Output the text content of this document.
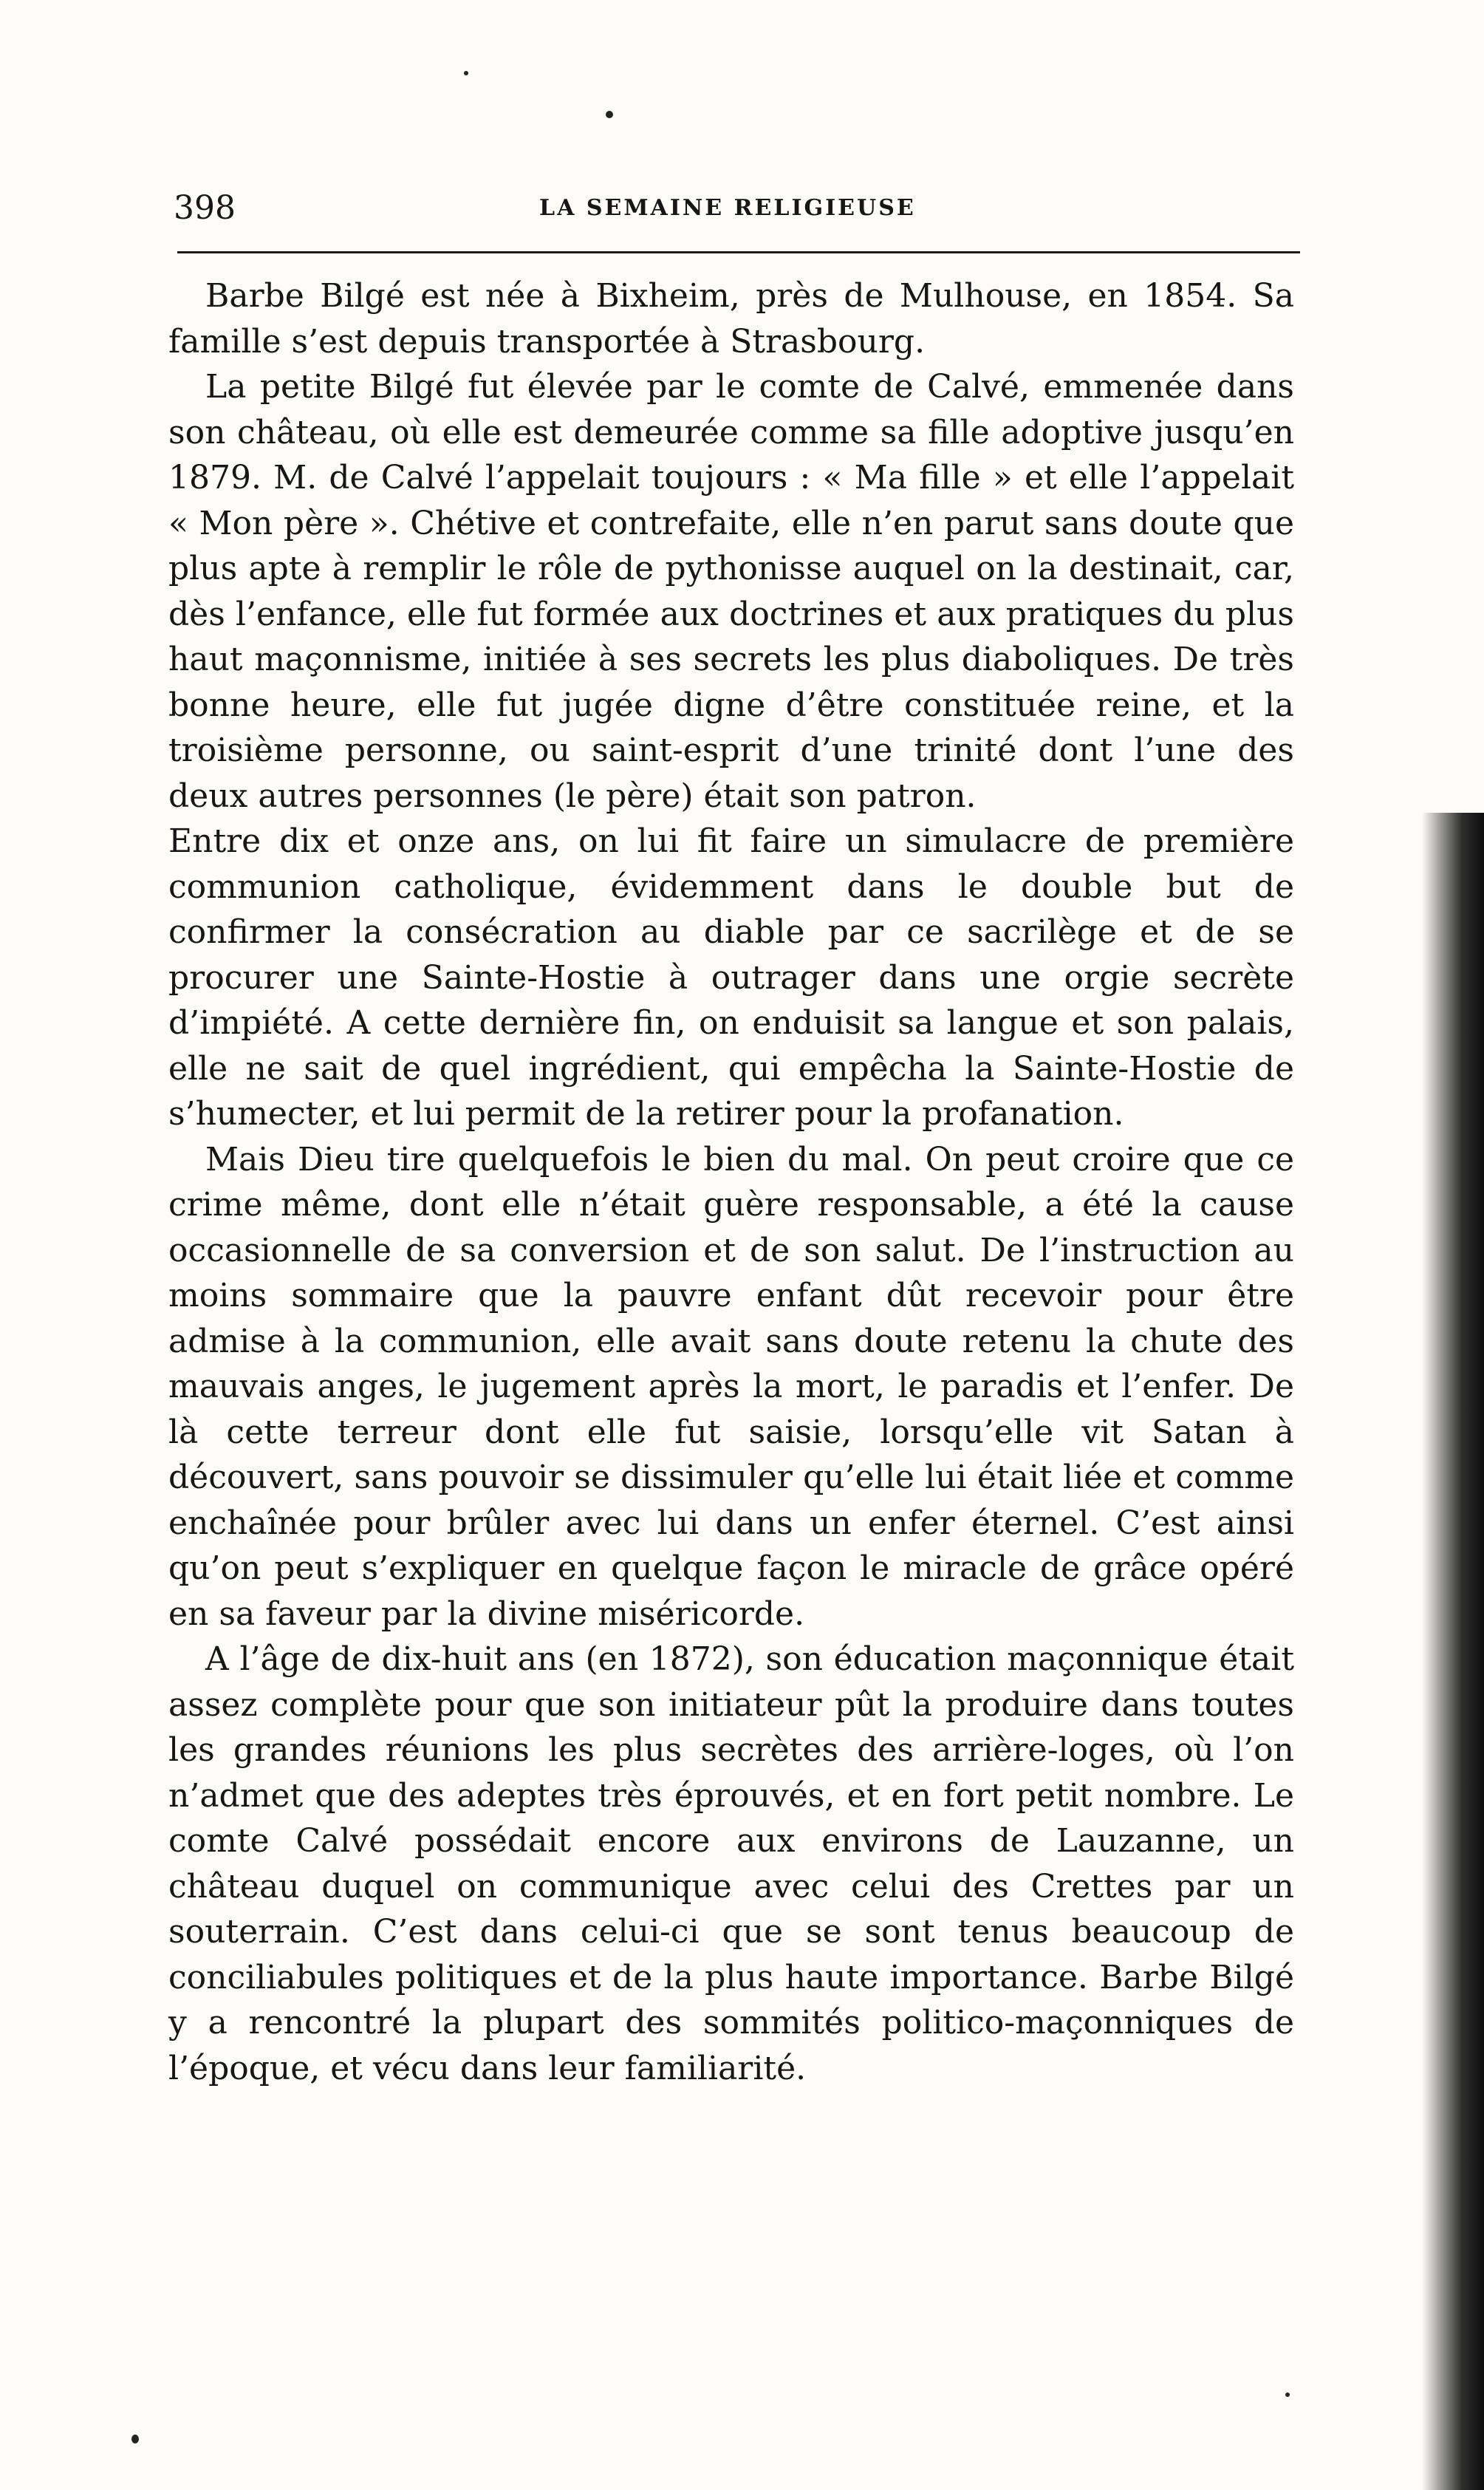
398	LA SEMAINE RELIGIEUSE

Barbe Bilgé est née à Bixheim, près de Mulhouse, en 1854. Sa famille s’est depuis transportée à Strasbourg.

La petite Bilgé fut élevée par le comte de Calvé, emmenée dans son château, où elle est demeurée comme sa fille adoptive jusqu’en 1879. M. de Calvé l’appelait toujours : « Ma fille » et elle l’appelait « Mon père ». Chétive et contrefaite, elle n’en parut sans doute que plus apte à remplir le rôle de pythonisse auquel on la destinait, car, dès l’enfance, elle fut formée aux doctrines et aux pratiques du plus haut maçonnisme, initiée à ses secrets les plus diaboliques. De très bonne heure, elle fut jugée digne d’être constituée reine, et la troisième personne, ou saint-esprit d’une trinité dont l’une des deux autres personnes (le père) était son patron.

Entre dix et onze ans, on lui fit faire un simulacre de première communion catholique, évidemment dans le double but de confirmer la consécration au diable par ce sacrilège et de se procurer une Sainte-Hostie à outrager dans une orgie secrète d’impiété. A cette dernière fin, on enduisit sa langue et son palais, elle ne sait de quel ingrédient, qui empêcha la Sainte-Hostie de s’humecter, et lui permit de la retirer pour la profanation.

Mais Dieu tire quelquefois le bien du mal. On peut croire que ce crime même, dont elle n’était guère responsable, a été la cause occasionnelle de sa conversion et de son salut. De l’instruction au moins sommaire que la pauvre enfant dût recevoir pour être admise à la communion, elle avait sans doute retenu la chute des mauvais anges, le jugement après la mort, le paradis et l’enfer. De là cette terreur dont elle fut saisie, lorsqu’elle vit Satan à découvert, sans pouvoir se dissimuler qu’elle lui était liée et comme enchaînée pour brûler avec lui dans un enfer éternel. C’est ainsi qu’on peut s’expliquer en quelque façon le miracle de grâce opéré en sa faveur par la divine miséricorde.

A l’âge de dix-huit ans (en 1872), son éducation maçonnique était assez complète pour que son initiateur pût la produire dans toutes les grandes réunions les plus secrètes des arrière-loges, où l’on n’admet que des adeptes très éprouvés, et en fort petit nombre. Le comte Calvé possédait encore aux environs de Lauzanne, un château duquel on communique avec celui des Crettes par un souterrain. C’est dans celui-ci que se sont tenus beaucoup de conciliabules politiques et de la plus haute importance. Barbe Bilgé y a rencontré la plupart des sommités politico-maçonniques de l’époque, et vécu dans leur familiarité.
